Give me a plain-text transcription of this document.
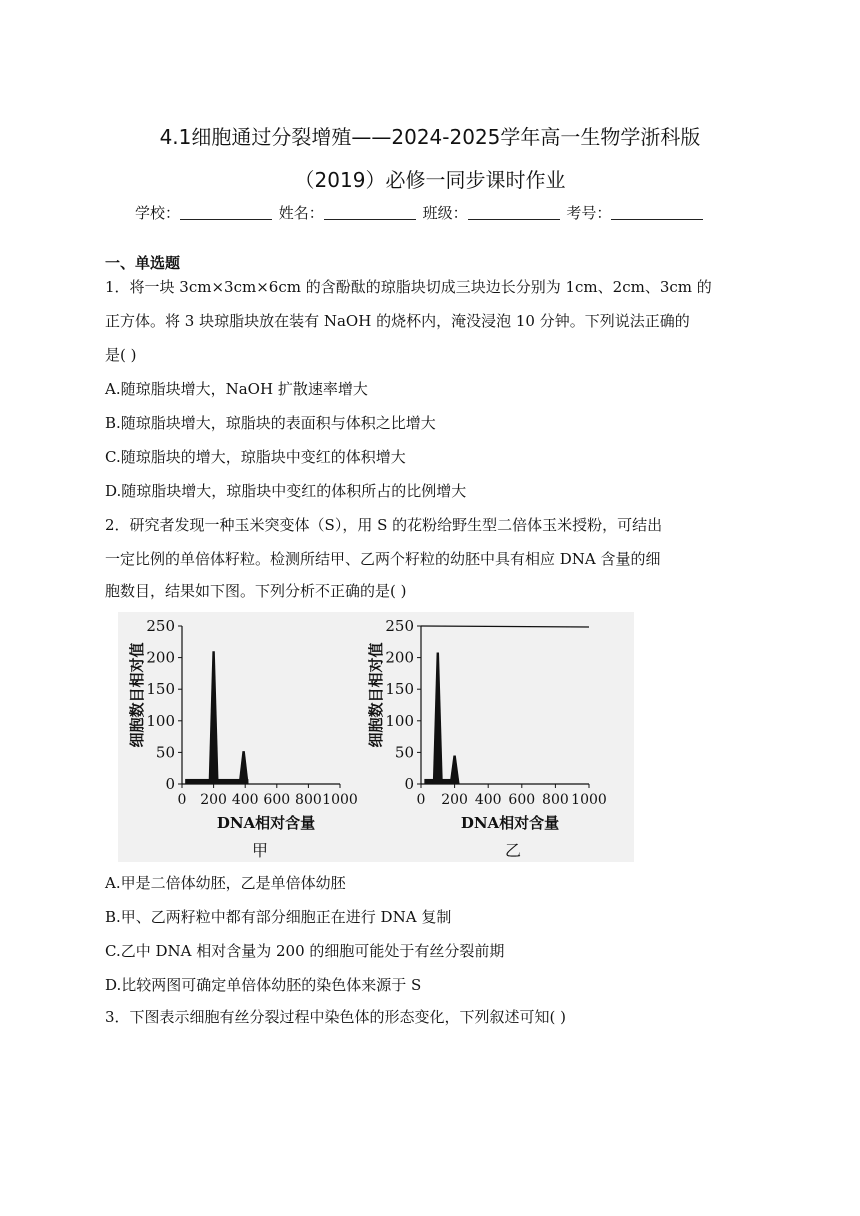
4.1细胞通过分裂增殖——2024-2025学年高一生物学浙科版
（2019）必修一同步课时作业
学校：	姓名：	班级：	考号：
一、单选题
1．将一块 3cm×3cm×6cm 的含酚酞的琼脂块切成三块边长分别为 1cm、2cm、3cm 的
正方体。将 3 块琼脂块放在装有 NaOH 的烧杯内，淹没浸泡 10 分钟。下列说法正确的
是( )
A.随琼脂块增大，NaOH 扩散速率增大
B.随琼脂块增大，琼脂块的表面积与体积之比增大
C.随琼脂块的增大，琼脂块中变红的体积增大
D.随琼脂块增大，琼脂块中变红的体积所占的比例增大
2．研究者发现一种玉米突变体（S），用 S 的花粉给野生型二倍体玉米授粉，可结出
一定比例的单倍体籽粒。检测所结甲、乙两个籽粒的幼胚中具有相应 DNA 含量的细
胞数目，结果如下图。下列分析不正确的是( )
0
50
100
150
200
250
0 200 400 600 800 1000
DNA相对含量
细胞数目相对值
甲
0
50
100
150
200
250
0 200 400 600 800 1000
DNA相对含量
细胞数目相对值
乙
A.甲是二倍体幼胚，乙是单倍体幼胚
B.甲、乙两籽粒中都有部分细胞正在进行 DNA 复制
C.乙中 DNA 相对含量为 200 的细胞可能处于有丝分裂前期
D.比较两图可确定单倍体幼胚的染色体来源于 S
3．下图表示细胞有丝分裂过程中染色体的形态变化，下列叙述可知( )
